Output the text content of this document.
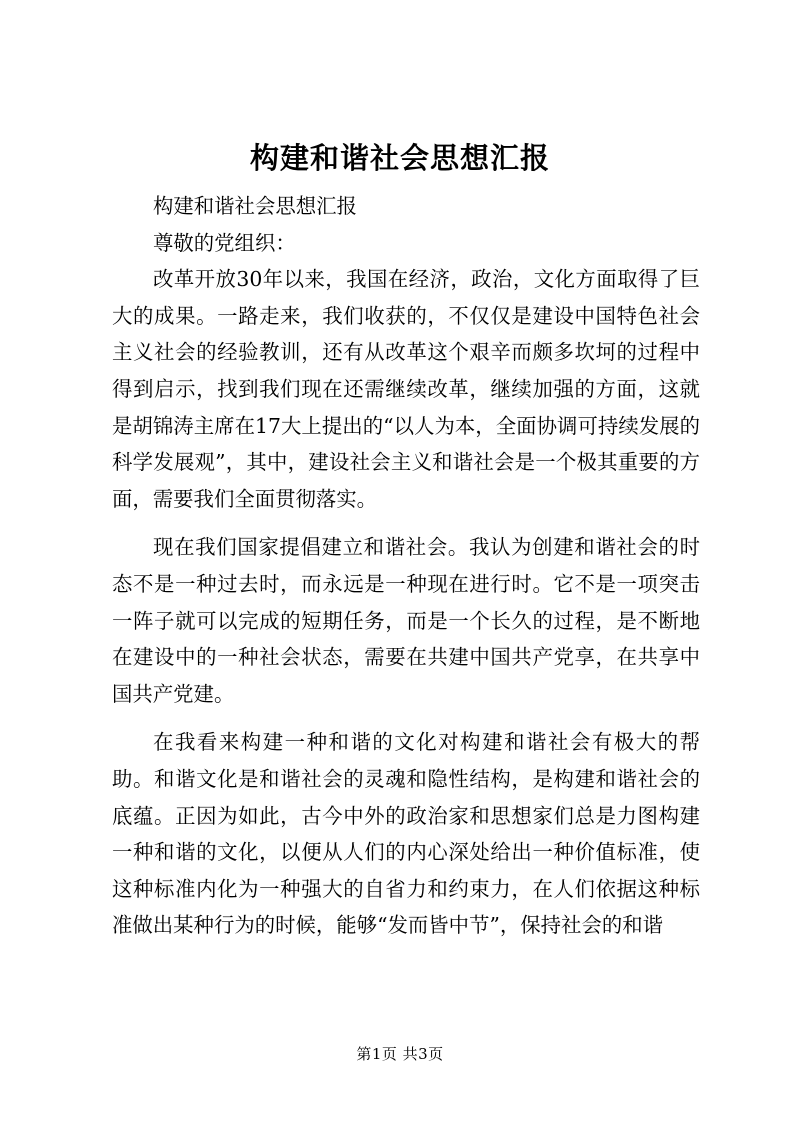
构建和谐社会思想汇报

构建和谐社会思想汇报

尊敬的党组织：

改革开放30年以来，我国在经济，政治，文化方面取得了巨大的成果。一路走来，我们收获的，不仅仅是建设中国特色社会主义社会的经验教训，还有从改革这个艰辛而颇多坎坷的过程中得到启示，找到我们现在还需继续改革，继续加强的方面，这就是胡锦涛主席在17大上提出的“以人为本，全面协调可持续发展的科学发展观”，其中，建设社会主义和谐社会是一个极其重要的方面，需要我们全面贯彻落实。

现在我们国家提倡建立和谐社会。我认为创建和谐社会的时态不是一种过去时，而永远是一种现在进行时。它不是一项突击一阵子就可以完成的短期任务，而是一个长久的过程，是不断地在建设中的一种社会状态，需要在共建中国共产党享，在共享中国共产党建。

在我看来构建一种和谐的文化对构建和谐社会有极大的帮助。和谐文化是和谐社会的灵魂和隐性结构，是构建和谐社会的底蕴。正因为如此，古今中外的政治家和思想家们总是力图构建一种和谐的文化，以便从人们的内心深处给出一种价值标准，使这种标准内化为一种强大的自省力和约束力，在人们依据这种标准做出某种行为的时候，能够“发而皆中节”，保持社会的和谐

第1页 共3页
